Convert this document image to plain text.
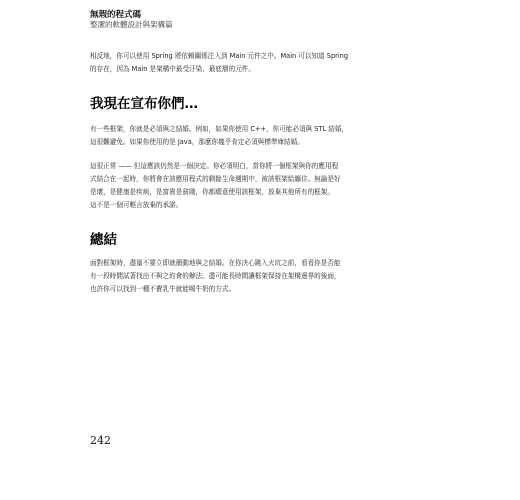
無瑕的程式碼
整潔的軟體設計與架構篇

相反地，你可以使用 Spring 將依賴關係注入到 Main 元件之中。Main 可以知道 Spring
的存在，因為 Main 是架構中最受汙染、最底層的元件。

我現在宣布你們…

有一些框架，你就是必須與之結婚。例如，如果你使用 C++，你可能必須與 STL 結婚，
這很難避免。如果你使用的是 Java，那麼你幾乎肯定必須與標準庫結婚。

這很正常 —— 但這應該仍然是一個決定。你必須明白，當你將一個框架與你的應用程
式結合在一起時，你將會在該應用程式的剩餘生命週期中，被該框架給纏住。無論是好
是壞，是健康是疾病，是富貴是貧賤，你都願意使用該框架，放棄其他所有的框架。
這不是一個可輕言放棄的承諾。

總結

面對框架時，盡量不要立即就衝動地與之結婚。在你決心跳入火坑之前，看看你是否能
有一段時間試著找出不與之約會的辦法。盡可能長時間讓框架保持在架構邊界的後面，
也許你可以找到一種不費乳牛就能喝牛奶的方式。

242
